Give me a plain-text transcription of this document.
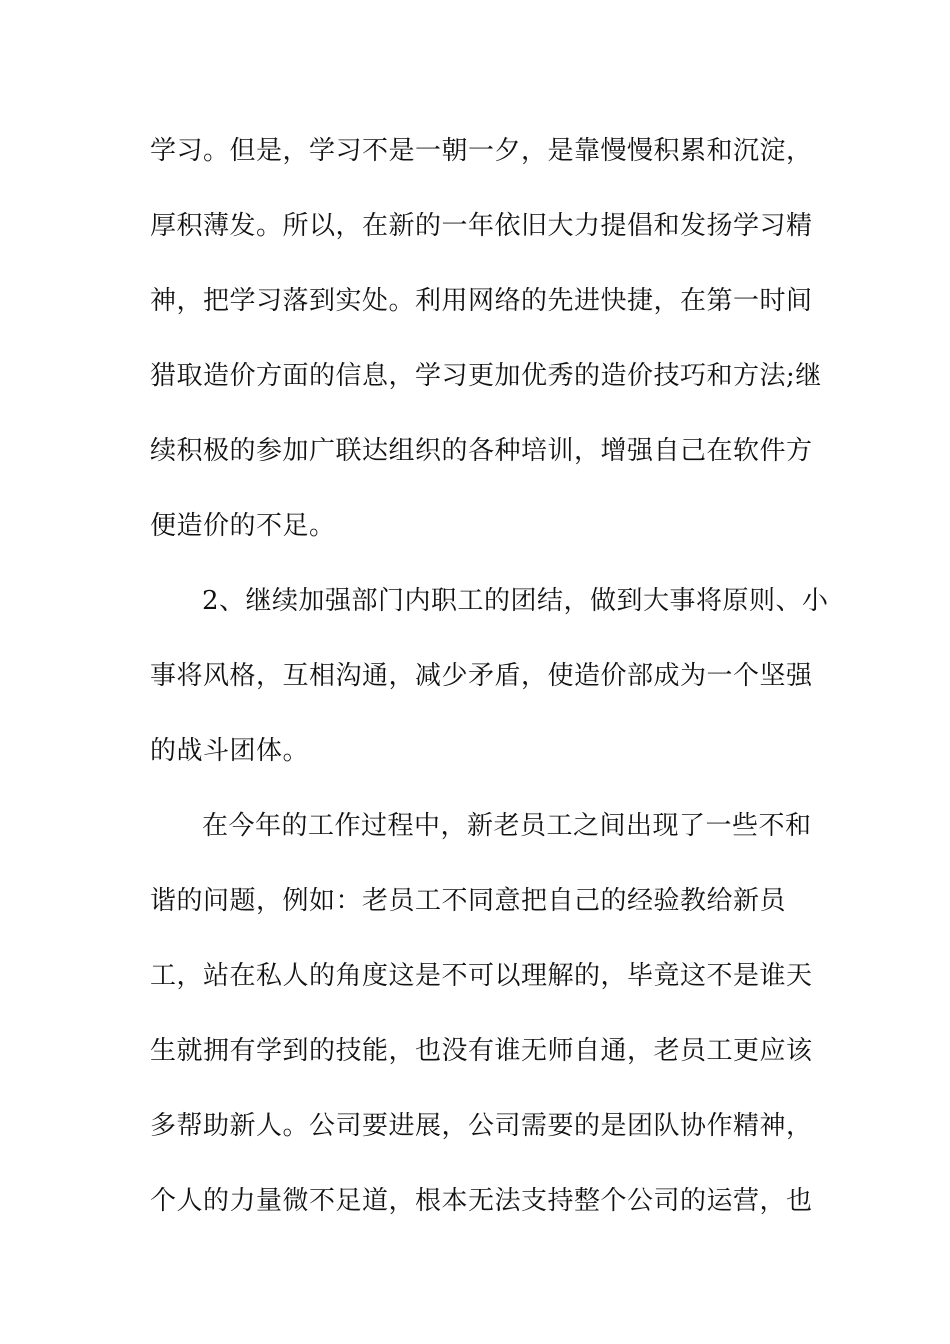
学习。但是，学习不是一朝一夕，是靠慢慢积累和沉淀，
厚积薄发。所以，在新的一年依旧大力提倡和发扬学习精
神，把学习落到实处。利用网络的先进快捷，在第一时间
猎取造价方面的信息，学习更加优秀的造价技巧和方法;继
续积极的参加广联达组织的各种培训，增强自己在软件方
便造价的不足。
2、继续加强部门内职工的团结，做到大事将原则、小
事将风格，互相沟通，减少矛盾，使造价部成为一个坚强
的战斗团体。
在今年的工作过程中，新老员工之间出现了一些不和
谐的问题，例如：老员工不同意把自己的经验教给新员
工，站在私人的角度这是不可以理解的，毕竟这不是谁天
生就拥有学到的技能，也没有谁无师自通，老员工更应该
多帮助新人。公司要进展，公司需要的是团队协作精神，
个人的力量微不足道，根本无法支持整个公司的运营，也
